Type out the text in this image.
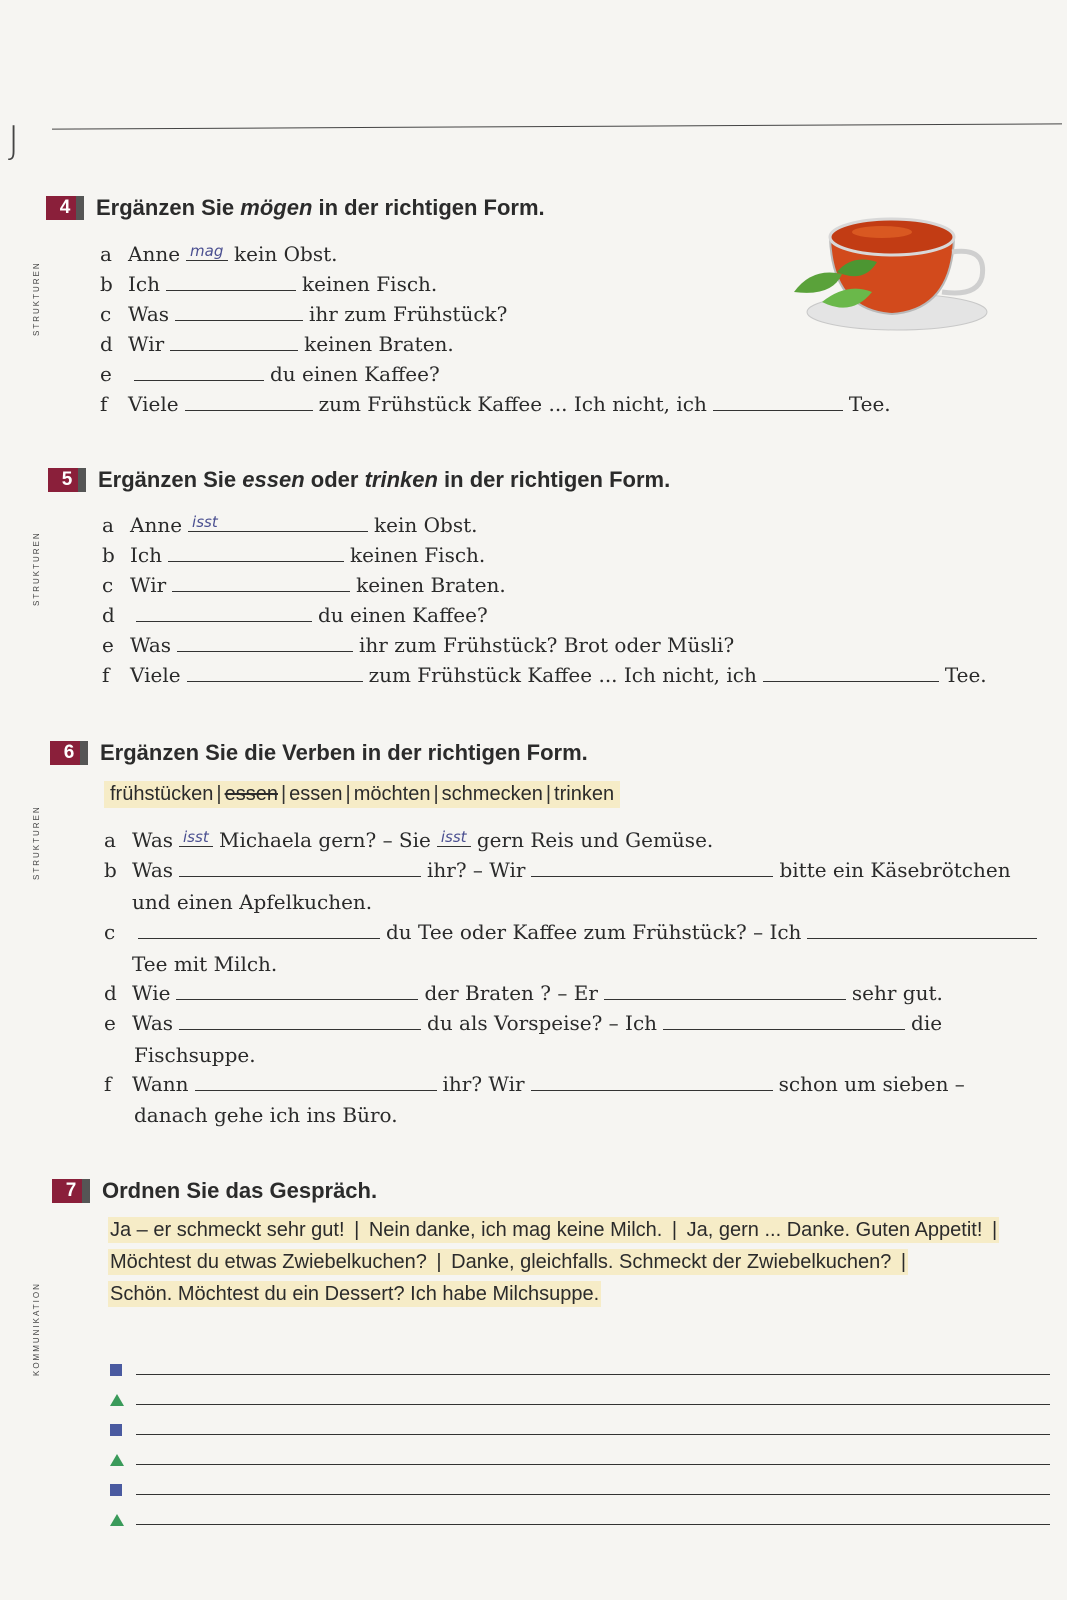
J
strukturen
strukturen
strukturen
kommunikation
4	Ergänzen Sie mögen in der richtigen Form.
a Anne mag kein Obst.
b Ich	keinen Fisch.
c Was	ihr zum Frühstück?
d Wir	keinen Braten.
e	du einen Kaffee?
f	Viele	zum Frühstück Kaffee ... Ich nicht, ich	Tee.
5	Ergänzen Sie essen oder trinken in der richtigen Form.
a Anne isst	kein Obst.
b Ich	keinen Fisch.
c Wir	keinen Braten.
d	du einen Kaffee?
e Was	ihr zum Frühstück? Brot oder Müsli?
f	Viele	zum Frühstück Kaffee ... Ich nicht, ich	Tee.
6	Ergänzen Sie die Verben in der richtigen Form.
frühstücken | essen | essen | möchten | schmecken | trinken
a Was isst Michaela gern? – Sie isst gern Reis und Gemüse.
b Was	ihr? – Wir	bitte ein Käsebrötchen
und einen Apfelkuchen.
c	du Tee oder Kaffee zum Frühstück? – Ich
Tee mit Milch.
d Wie	der Braten ? – Er	sehr gut.
e Was	du als Vorspeise? – Ich	die
Fischsuppe.
f	Wann	ihr? Wir	schon um sieben –
danach gehe ich ins Büro.
7	Ordnen Sie das Gespräch.
Ja – er schmeckt sehr gut! | Nein danke, ich mag keine Milch. | Ja, gern ... Danke. Guten Appetit! |
Möchtest du etwas Zwiebelkuchen? | Danke, gleichfalls. Schmeckt der Zwiebelkuchen? |
Schön. Möchtest du ein Dessert? Ich habe Milchsuppe.
